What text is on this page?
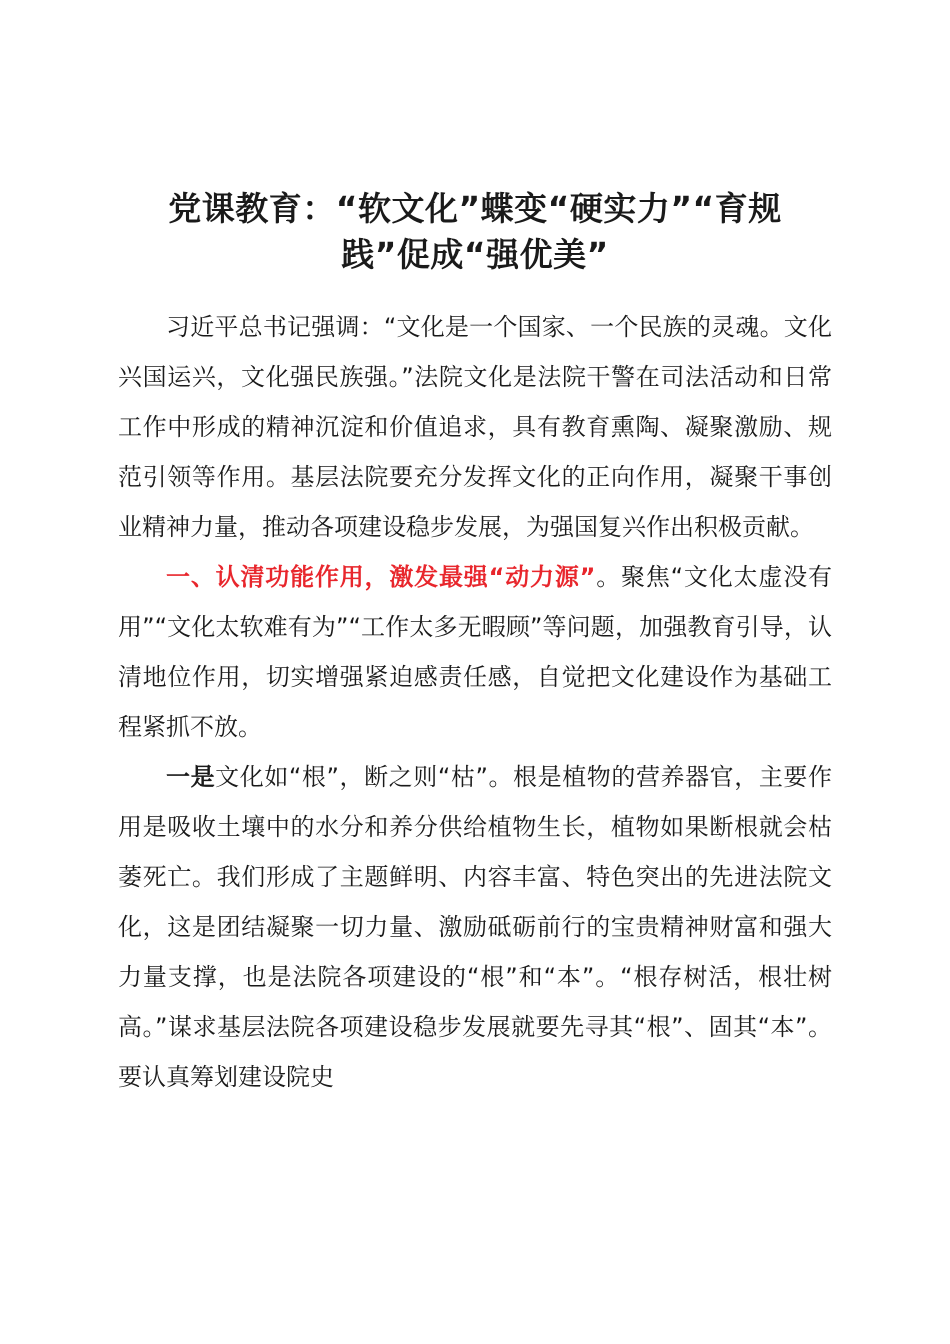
党课教育：“软文化”蝶变“硬实力”“育规
践”促成“强优美”

习近平总书记强调：“文化是一个国家、一个民族的灵魂。文化兴国运兴，文化强民族强。”法院文化是法院干警在司法活动和日常工作中形成的精神沉淀和价值追求，具有教育熏陶、凝聚激励、规范引领等作用。基层法院要充分发挥文化的正向作用，凝聚干事创业精神力量，推动各项建设稳步发展，为强国复兴作出积极贡献。

一、认清功能作用，激发最强“动力源”。聚焦“文化太虚没有用”“文化太软难有为”“工作太多无暇顾”等问题，加强教育引导，认清地位作用，切实增强紧迫感责任感，自觉把文化建设作为基础工程紧抓不放。

一是文化如“根”，断之则“枯”。根是植物的营养器官，主要作用是吸收土壤中的水分和养分供给植物生长，植物如果断根就会枯萎死亡。我们形成了主题鲜明、内容丰富、特色突出的先进法院文化，这是团结凝聚一切力量、激励砥砺前行的宝贵精神财富和强大力量支撑，也是法院各项建设的“根”和“本”。“根存树活，根壮树高。”谋求基层法院各项建设稳步发展就要先寻其“根”、固其“本”。要认真筹划建设院史
